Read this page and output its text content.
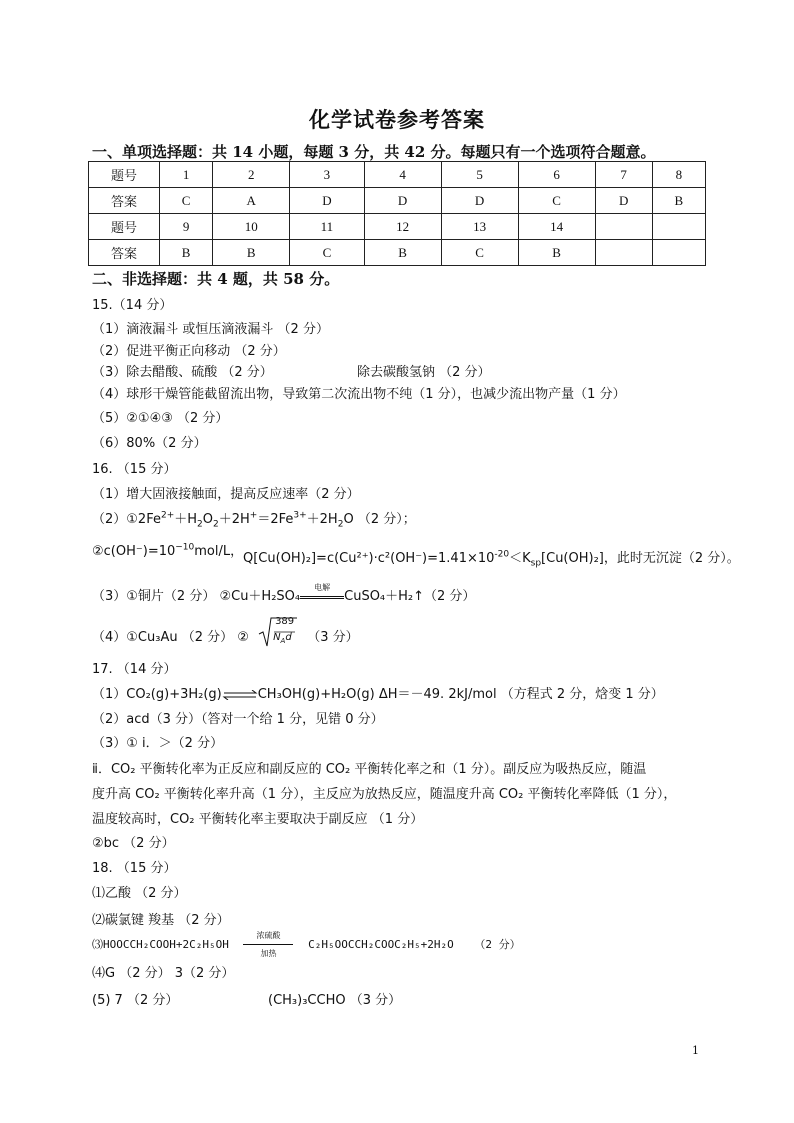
化学试卷参考答案
一、单项选择题：共 14 小题，每题 3 分，共 42 分。每题只有一个选项符合题意。
题号	1	2	3	4	5	6	7	8
答案	C	A	D	D	D	C	D	B
题号	9	10	11	12	13	14		
答案	B	B	C	B	C	B		
二、非选择题：共 4 题，共 58 分。
15.（14 分）
（1）滴液漏斗 或恒压滴液漏斗 （2 分）
（2）促进平衡正向移动 （2 分）
（3）除去醋酸、硫酸 （2 分）	除去碳酸氢钠 （2 分）
（4）球形干燥管能截留流出物，导致第二次流出物不纯（1 分），也减少流出物产量（1 分）
（5）②①④③ （2 分）
（6）80%（2 分）
16. （15 分）
（1）增大固液接触面，提高反应速率（2 分）
$(2)①2Fe^{2+}+H_2O_2+2H^+=2Fe^{3+}+2H_2O$ （2 分）；
$②c(OH^-)=10^{-10}mol/L$， $Q[Cu(OH)_2]=c(Cu^{2+})\cdot c^2(OH^-)=1.41\times 10^{-20}<K_{sp}[Cu(OH)_2]$，此时无沉淀（2 分）。
（3）①铜片（2 分） ②Cu＋H₂SO₄
电解
CuSO₄＋H₂↑（2 分）
（4）①Cu₃Au （2 分） ②
389
$N_Ad$ （3 分）
17. （14 分）
（1）CO₂(g)+3H₂(g)⇌CH₃OH(g)+H₂O(g) ΔH＝－49. 2kJ/mol （方程式 2 分，焓变 1 分）
（2）acd（3 分）（答对一个给 1 分，见错 0 分）
（3）① i．＞（2 分）
ⅱ．CO₂ 平衡转化率为正反应和副反应的 CO₂ 平衡转化率之和（1 分）。副反应为吸热反应，随温
度升高 CO₂ 平衡转化率升高（1 分），主反应为放热反应，随温度升高 CO₂ 平衡转化率降低（1 分），
温度较高时，CO₂ 平衡转化率主要取决于副反应 （1 分）
②bc （2 分）
18. （15 分）
⑴乙酸 （2 分）
⑵碳氯键 羧基 （2 分）
⑶HOOCCH₂COOH+2C₂H₅OH
浓硫酸
加热
C₂H₅OOCCH₂COOC₂H₅+2H₂O （2 分）
⑷G （2 分） 3（2 分）
(5) 7 （2 分）	(CH₃)₃CCHO （3 分）
1
